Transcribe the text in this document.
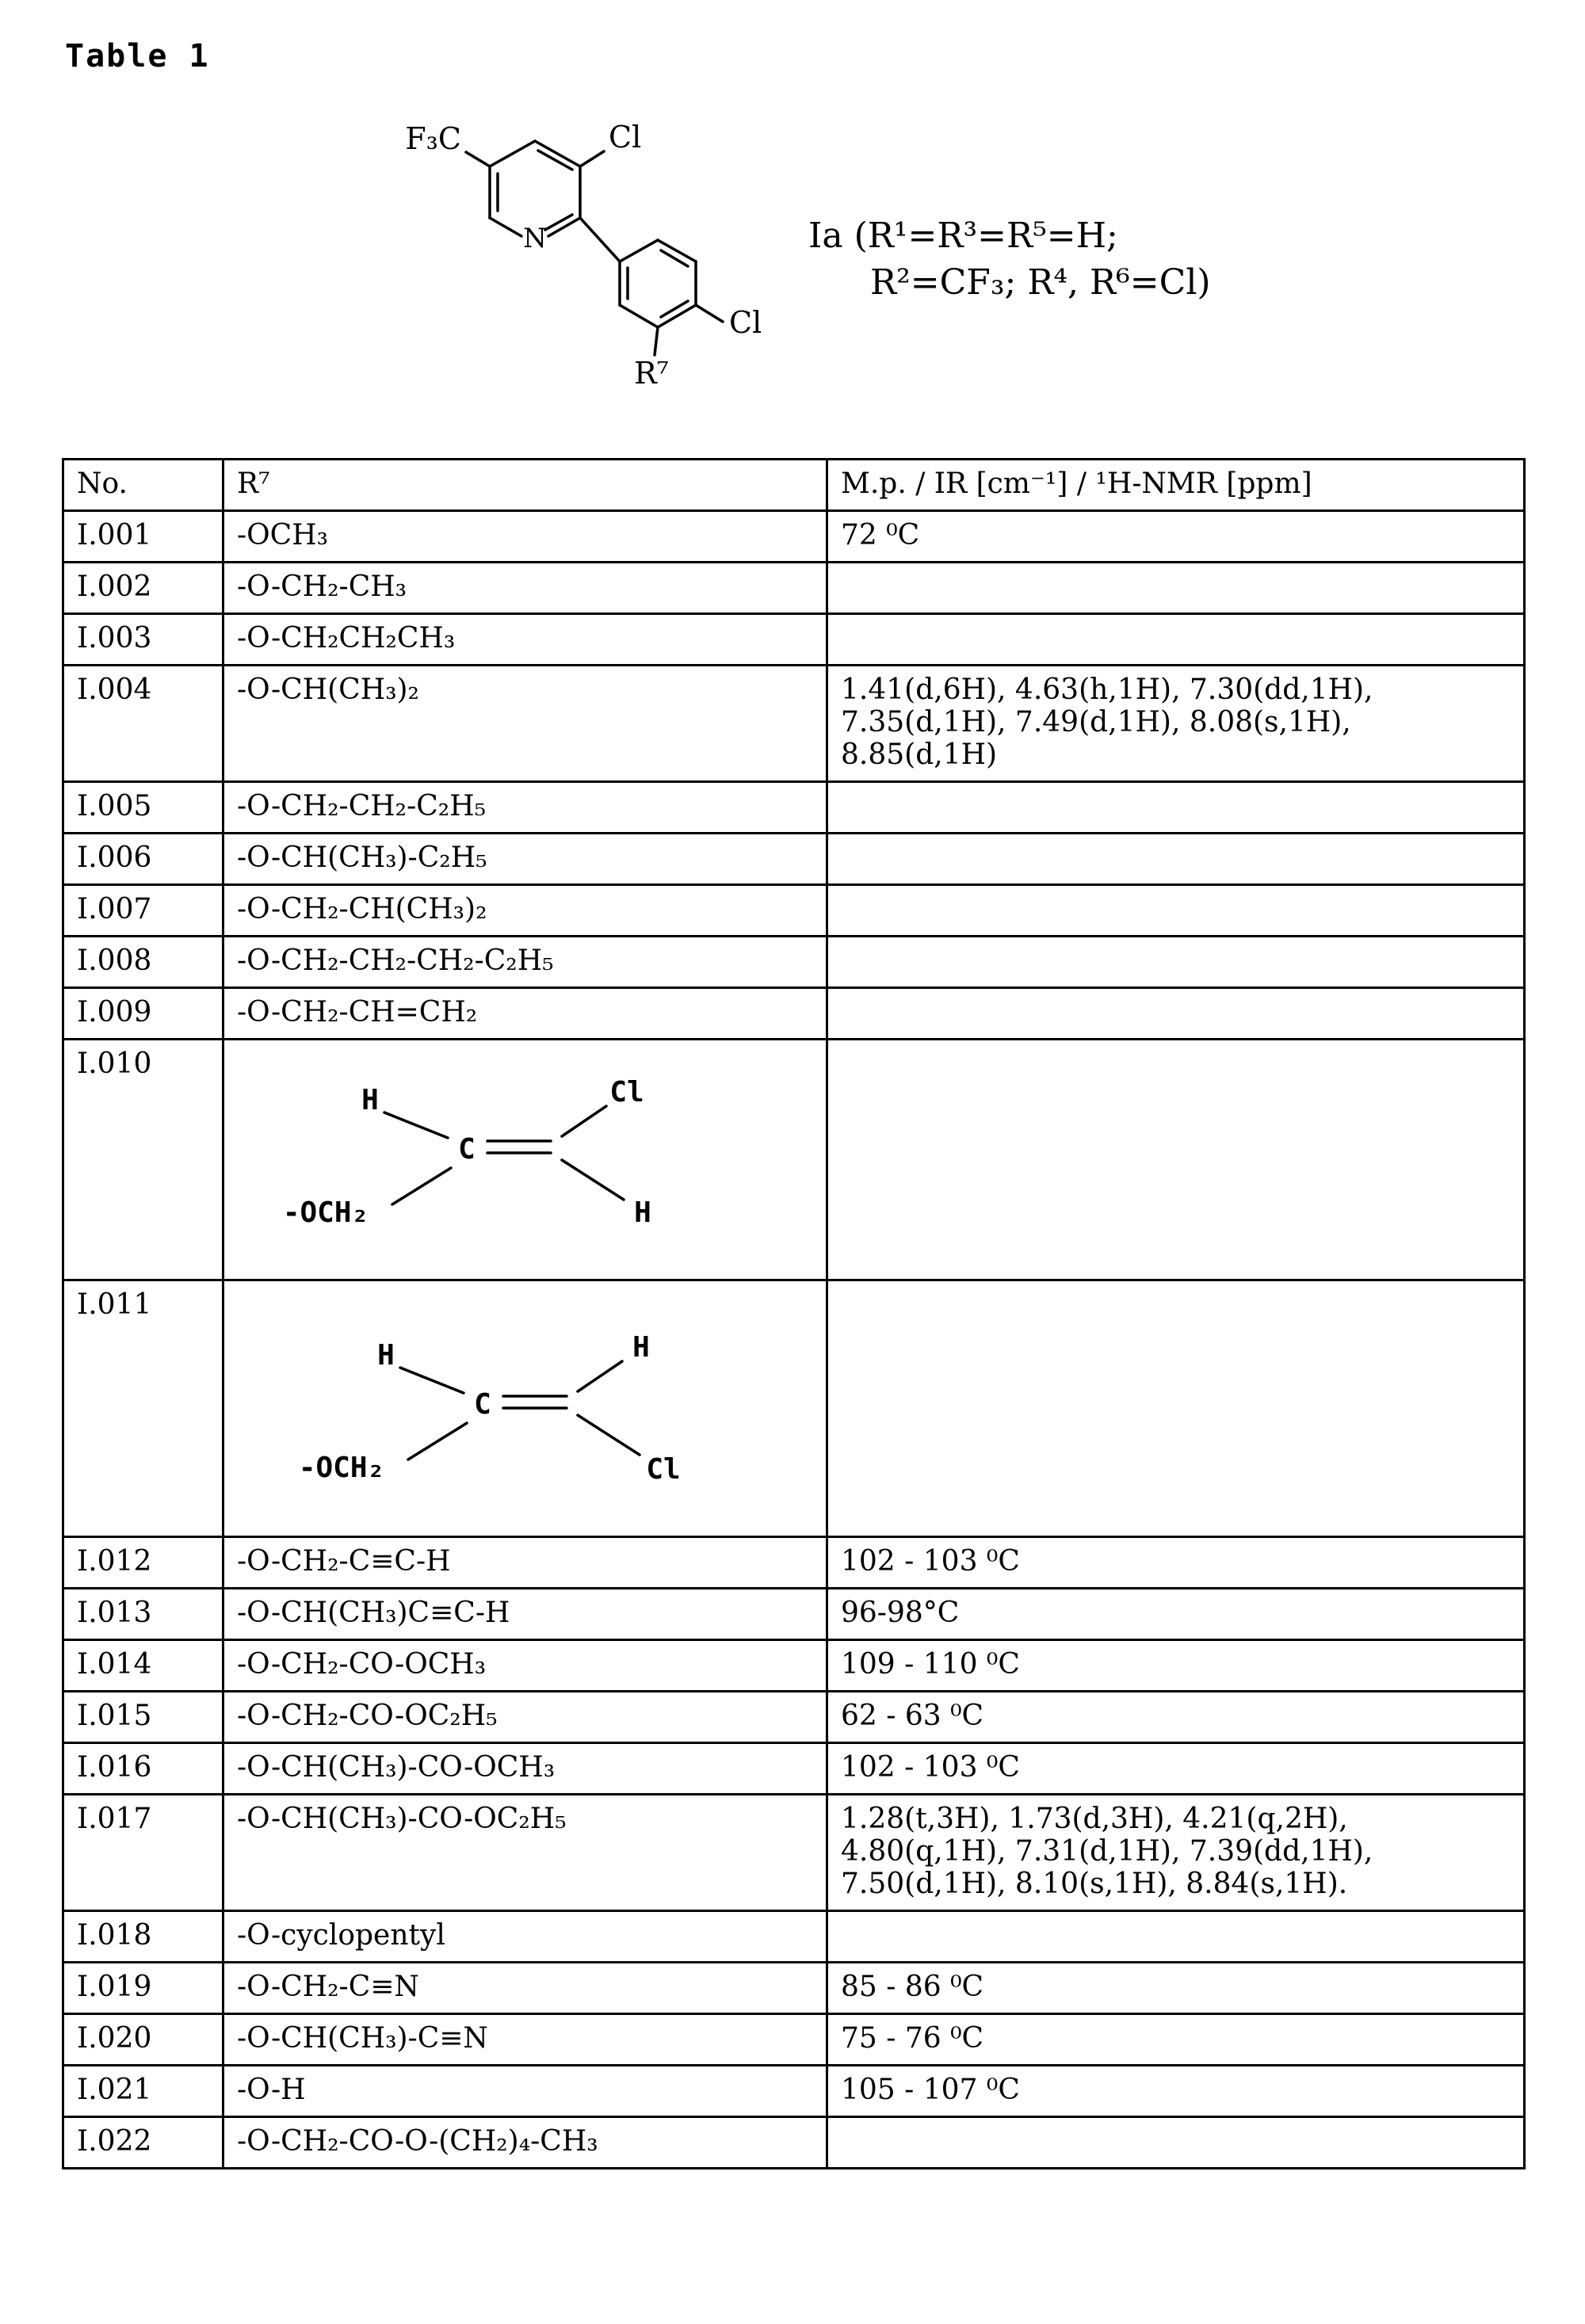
Table 1
F₃C	Cl
N
Cl
R⁷
Ia (R¹=R³=R⁵=H;
R²=CF₃; R⁴, R⁶=Cl)
No.	R⁷	M.p. / IR [cm⁻¹] / ¹H-NMR [ppm]
I.001	-OCH₃	72 ⁰C
I.002	-O-CH₂-CH₃	
I.003	-O-CH₂CH₂CH₃	
I.004	-O-CH(CH₃)₂	1.41(d,6H), 4.63(h,1H), 7.30(dd,1H),
7.35(d,1H), 7.49(d,1H), 8.08(s,1H),
8.85(d,1H)
I.005	-O-CH₂-CH₂-C₂H₅	
I.006	-O-CH(CH₃)-C₂H₅	
I.007	-O-CH₂-CH(CH₃)₂	
I.008	-O-CH₂-CH₂-CH₂-C₂H₅	
I.009	-O-CH₂-CH=CH₂	
I.010	H
C
Cl
-OCH₂ H	

I.011	H
C
H
-OCH₂ Cl	

I.012	-O-CH₂-C≡C-H	102 - 103 ⁰C
I.013	-O-CH(CH₃)C≡C-H	96-98°C
I.014	-O-CH₂-CO-OCH₃	109 - 110 ⁰C
I.015	-O-CH₂-CO-OC₂H₅	62 - 63 ⁰C
I.016	-O-CH(CH₃)-CO-OCH₃	102 - 103 ⁰C
I.017	-O-CH(CH₃)-CO-OC₂H₅	1.28(t,3H), 1.73(d,3H), 4.21(q,2H),
4.80(q,1H), 7.31(d,1H), 7.39(dd,1H),
7.50(d,1H), 8.10(s,1H), 8.84(s,1H).
I.018	-O-cyclopentyl	
I.019	-O-CH₂-C≡N	85 - 86 ⁰C
I.020	-O-CH(CH₃)-C≡N	75 - 76 ⁰C
I.021	-O-H	105 - 107 ⁰C
I.022	-O-CH₂-CO-O-(CH₂)₄-CH₃	
